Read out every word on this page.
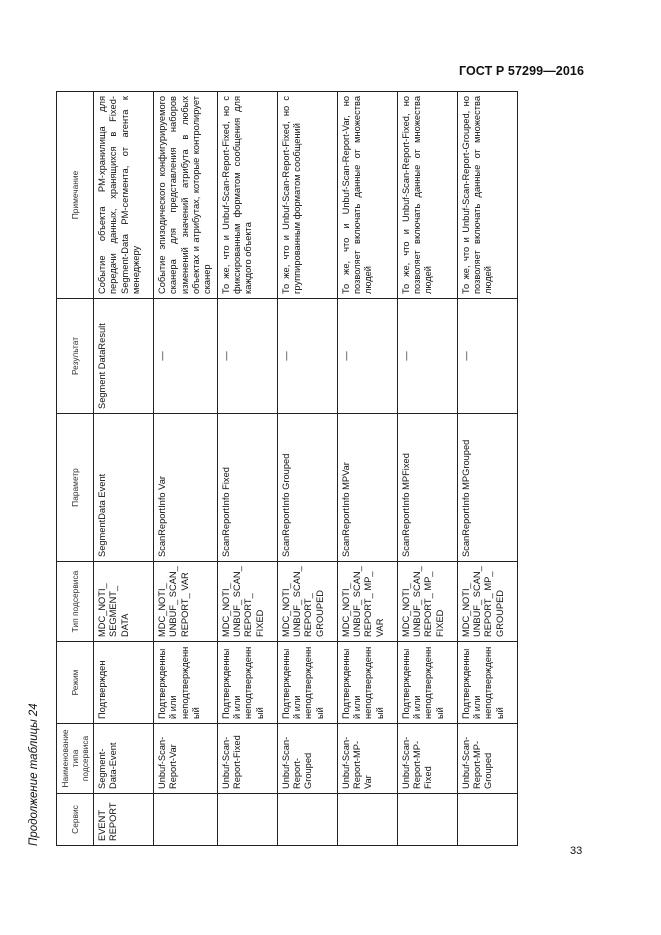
ГОСТ Р 57299—2016
Продолжение таблицы 24	Сервис	Наименование типа подсервиса	Режим	Тип подсервиса	Параметр	Результат	Примечание
EVENT REPORT	Segment-Data-Event	Подтвержден	MDC_NOTI_ SEGMENT_ DATA	SegmentData Event	Segment DataResult	Событие объекта PM-хранилища для передачи данных, хранящихся в Fixed-Segment-Data PM-сегмента, от агента к менеджеру
	Unbuf-Scan-Report-Var	Подтвержденный или неподтвержденный	MDC_NOTI_ UNBUF_ SCAN_ REPORT_ VAR	ScanReportInfo Var	—	Событие эпизодического конфигурируемого сканера для представления наборов изменений значений атрибута в любых объектах и атрибутах, которые контролирует сканер
	Unbuf-Scan-Report-Fixed	Подтвержденный или неподтвержденный	MDC_NOTI_ UNBUF_ SCAN_ REPORT_ FIXED	ScanReportInfo Fixed	—	То же, что и Unbuf-Scan-Report-Fixed, но с фиксированным форматом сообщения для каждого объекта
	Unbuf-Scan-Report-Grouped	Подтвержденный или неподтвержденный	MDC_NOTI_ UNBUF_ SCAN_ REPORT_ GROUPED	ScanReportInfo Grouped	—	То же, что и Unbuf-Scan-Report-Fixed, но с группированным форматом сообщений
	Unbuf-Scan-Report-MP-Var	Подтвержденный или неподтвержденный	MDC_NOTI_ UNBUF_ SCAN_ REPORT_ MP_ VAR	ScanReportInfo MPVar	—	То же, что и Unbuf-Scan-Report-Var, но позволяет включать данные от множества людей
	Unbuf-Scan-Report-MP-Fixed	Подтвержденный или неподтвержденный	MDC_NOTI_ UNBUF_ SCAN_ REPORT_ MP_ FIXED	ScanReportInfo MPFixed	—	То же, что и Unbuf-Scan-Report-Fixed, но позволяет включать данные от множества людей
	Unbuf-Scan-Report-MP-Grouped	Подтвержденный или неподтвержденный	MDC_NOTI_ UNBUF_ SCAN_ REPORT_ MP_ GROUPED	ScanReportInfo MPGrouped	—	То же, что и Unbuf-Scan-Report-Grouped, но позволяет включать данные от множества людей
33
